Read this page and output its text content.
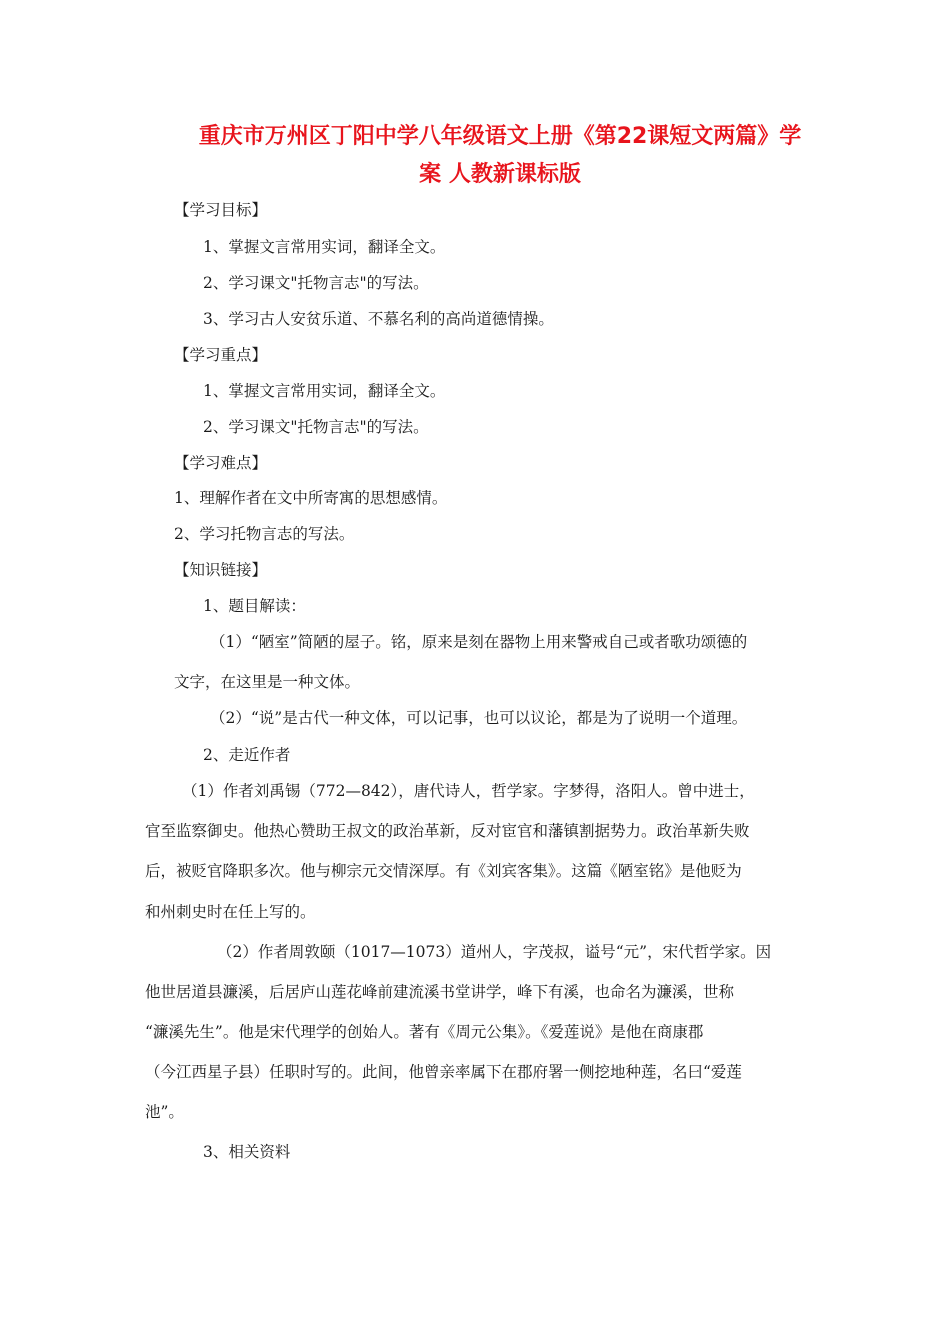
重庆市万州区丁阳中学八年级语文上册《第22课短文两篇》学
案 人教新课标版
【学习目标】
1、掌握文言常用实词，翻译全文。
2、学习课文"托物言志"的写法。
3、学习古人安贫乐道、不慕名利的高尚道德情操。
【学习重点】
1、掌握文言常用实词，翻译全文。
2、学习课文"托物言志"的写法。
【学习难点】
1、理解作者在文中所寄寓的思想感情。
2、学习托物言志的写法。
【知识链接】
1、题目解读：
（1）“陋室”简陋的屋子。铭，原来是刻在器物上用来警戒自己或者歌功颂德的
文字，在这里是一种文体。
（2）“说”是古代一种文体，可以记事，也可以议论，都是为了说明一个道理。
2、走近作者
（1）作者刘禹锡（772—842），唐代诗人，哲学家。字梦得，洛阳人。曾中进士，
官至监察御史。他热心赞助王叔文的政治革新，反对宦官和藩镇割据势力。政治革新失败
后，被贬官降职多次。他与柳宗元交情深厚。有《刘宾客集》。这篇《陋室铭》是他贬为
和州刺史时在任上写的。
（2）作者周敦颐（1017—1073）道州人，字茂叔，谥号“元”，宋代哲学家。因
他世居道县濂溪，后居庐山莲花峰前建流溪书堂讲学，峰下有溪，也命名为濂溪，世称
“濂溪先生”。他是宋代理学的创始人。著有《周元公集》。《爱莲说》是他在商康郡
（今江西星子县）任职时写的。此间，他曾亲率属下在郡府署一侧挖地种莲，名曰“爱莲
池”。
3、相关资料
